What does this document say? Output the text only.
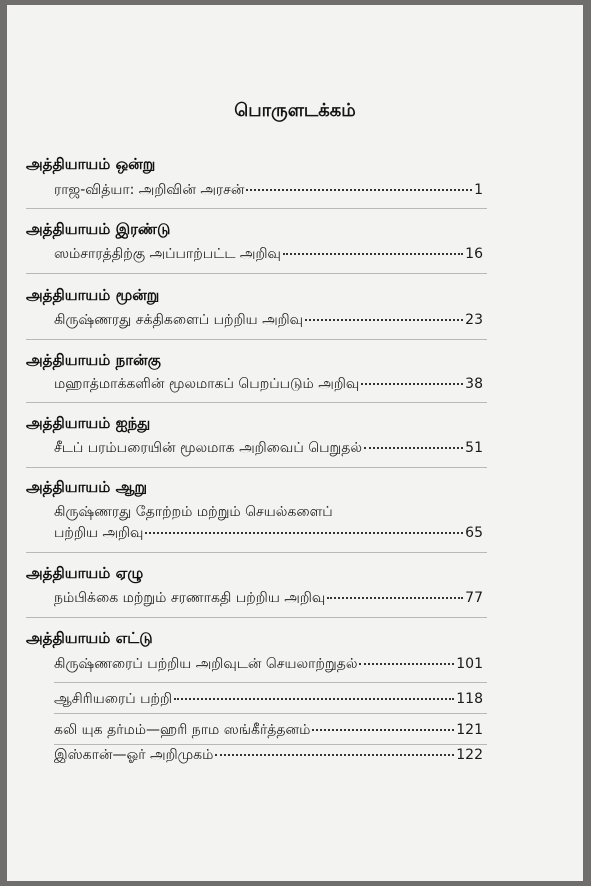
பொருளடக்கம்
அத்தியாயம் ஒன்று
ராஜ-வித்யா: அறிவின் அரசன்	1
அத்தியாயம் இரண்டு
ஸம்சாரத்திற்கு அப்பாற்பட்ட அறிவு	16
அத்தியாயம் மூன்று
கிருஷ்ணரது சக்திகளைப் பற்றிய அறிவு	23
அத்தியாயம் நான்கு
மஹாத்மாக்களின் மூலமாகப் பெறப்படும் அறிவு	38
அத்தியாயம் ஐந்து
சீடப் பரம்பரையின் மூலமாக அறிவைப் பெறுதல்	51
அத்தியாயம் ஆறு
கிருஷ்ணரது தோற்றம் மற்றும் செயல்களைப்
பற்றிய அறிவு	65
அத்தியாயம் ஏழு
நம்பிக்கை மற்றும் சரணாகதி பற்றிய அறிவு	77
அத்தியாயம் எட்டு
கிருஷ்ணரைப் பற்றிய அறிவுடன் செயலாற்றுதல்	101
ஆசிரியரைப் பற்றி	118
கலி யுக தர்மம்—ஹரி நாம ஸங்கீர்த்தனம்	121
இஸ்கான்—ஓர் அறிமுகம்	122
